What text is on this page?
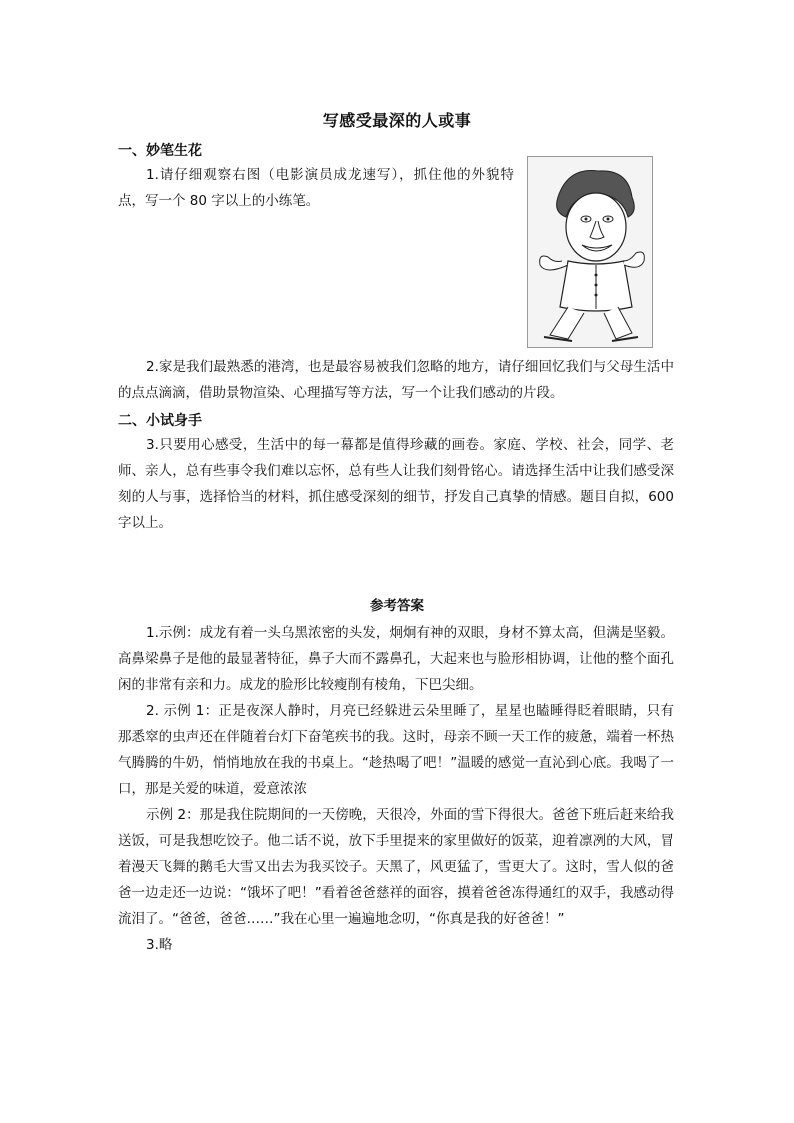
写感受最深的人或事
一、妙笔生花
1.请仔细观察右图（电影演员成龙速写），抓住他的外貌特点，写一个 80 字以上的小练笔。
2.家是我们最熟悉的港湾，也是最容易被我们忽略的地方，请仔细回忆我们与父母生活中的点点滴滴，借助景物渲染、心理描写等方法，写一个让我们感动的片段。
二、小试身手
3.只要用心感受，生活中的每一幕都是值得珍藏的画卷。家庭、学校、社会，同学、老师、亲人，总有些事令我们难以忘怀，总有些人让我们刻骨铭心。请选择生活中让我们感受深刻的人与事，选择恰当的材料，抓住感受深刻的细节，抒发自己真挚的情感。题目自拟，600 字以上。
参考答案
1.示例：成龙有着一头乌黑浓密的头发，炯炯有神的双眼，身材不算太高，但满是坚毅。高鼻梁鼻子是他的最显著特征，鼻子大而不露鼻孔，大起来也与脸形相协调，让他的整个面孔闲的非常有亲和力。成龙的脸形比较瘦削有棱角，下巴尖细。
2. 示例 1：正是夜深人静时，月亮已经躲进云朵里睡了，星星也瞌睡得眨着眼睛，只有那悉窣的虫声还在伴随着台灯下奋笔疾书的我。这时，母亲不顾一天工作的疲惫，端着一杯热气腾腾的牛奶，悄悄地放在我的书桌上。“趁热喝了吧！”温暖的感觉一直沁到心底。我喝了一口，那是关爱的味道，爱意浓浓
示例 2：那是我住院期间的一天傍晚，天很冷，外面的雪下得很大。爸爸下班后赶来给我送饭，可是我想吃饺子。他二话不说，放下手里提来的家里做好的饭菜，迎着凛冽的大风，冒着漫天飞舞的鹅毛大雪又出去为我买饺子。天黑了，风更猛了，雪更大了。这时，雪人似的爸爸一边走还一边说：“饿坏了吧！”看着爸爸慈祥的面容，摸着爸爸冻得通红的双手，我感动得流泪了。“爸爸，爸爸……”我在心里一遍遍地念叨，“你真是我的好爸爸！”
3.略
